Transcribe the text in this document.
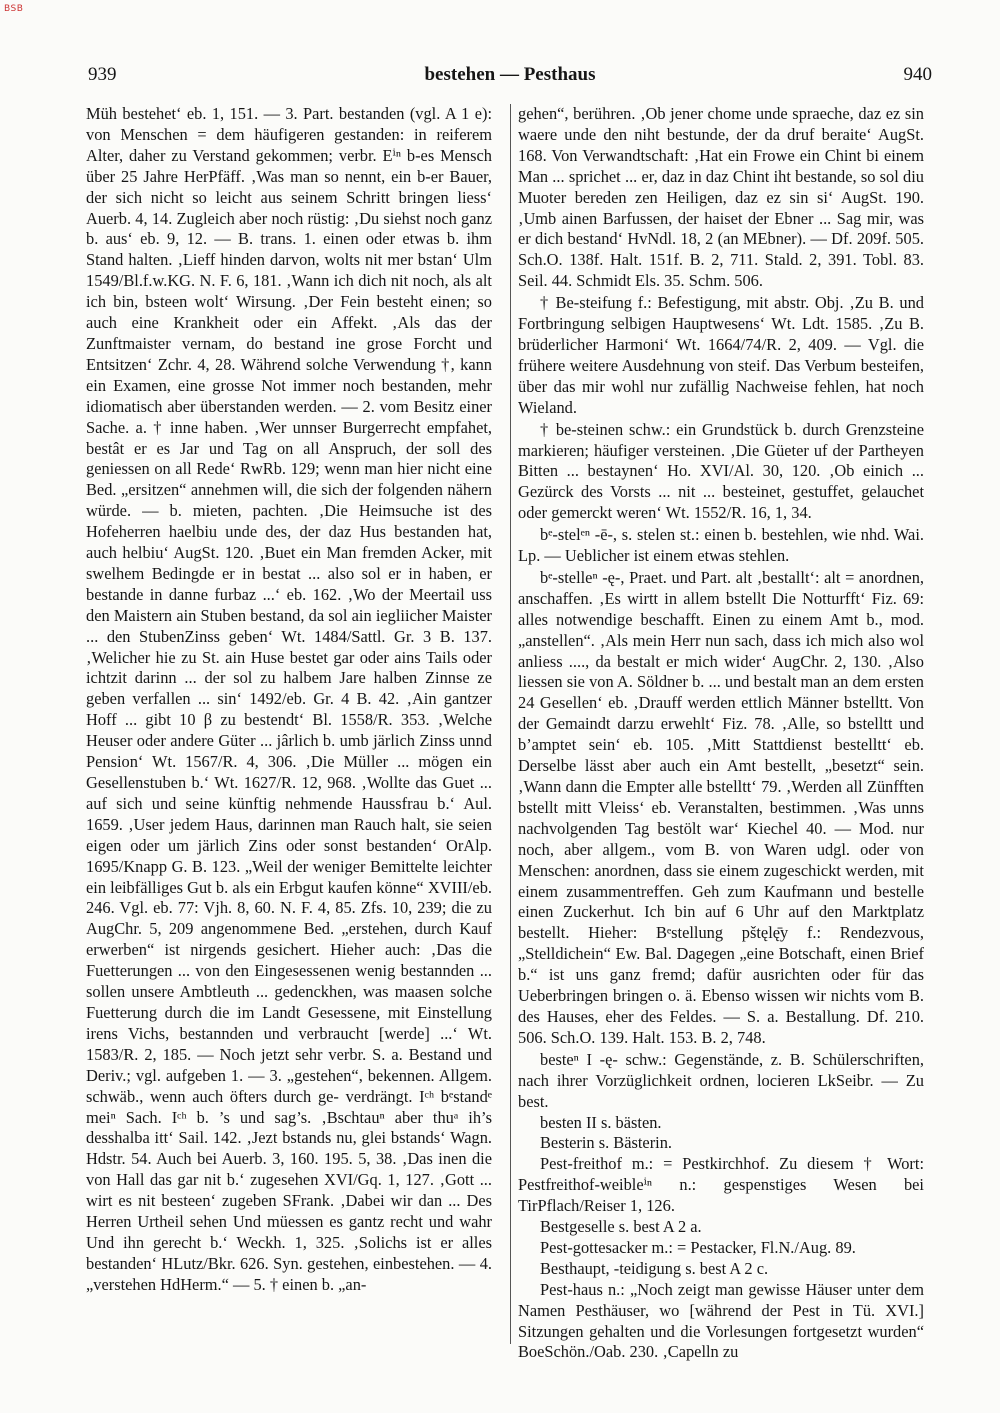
BSB
939	bestehen — Pesthaus	940

Müh bestehet‘ eb. 1, 151. — 3. Part. bestanden (vgl. A 1 e): von Menschen = dem häufigeren gestanden: in reiferem Alter, daher zu Verstand gekommen; verbr. Eⁱⁿ b-es Mensch über 25 Jahre HerPfäff. ‚Was man so nennt, ein b-er Bauer, der sich nicht so leicht aus seinem Schritt bringen liess‘ Auerb. 4, 14. Zugleich aber noch rüstig: ‚Du siehst noch ganz b. aus‘ eb. 9, 12. — B. trans. 1. einen oder etwas b. ihm Stand halten. ‚Lieff hinden darvon, wolts nit mer bstan‘ Ulm 1549/Bl.f.w.KG. N. F. 6, 181. ‚Wann ich dich nit noch, als alt ich bin, bsteen wolt‘ Wirsung. ‚Der Fein besteht einen; so auch eine Krankheit oder ein Affekt. ‚Als das der Zunftmaister vernam, do bestand ine grose Forcht und Entsitzen‘ Zchr. 4, 28. Während solche Verwendung †, kann ein Examen, eine grosse Not immer noch bestanden, mehr idiomatisch aber überstanden werden. — 2. vom Besitz einer Sache. a. † inne haben. ‚Wer unnser Burgerrecht empfahet, bestât er es Jar und Tag on all Anspruch, der soll des geniessen on all Rede‘ RwRb. 129; wenn man hier nicht eine Bed. „ersitzen“ annehmen will, die sich der folgenden nähern würde. — b. mieten, pachten. ‚Die Heimsuche ist des Hofeherren haelbiu unde des, der daz Hus bestanden hat, auch helbiu‘ AugSt. 120. ‚Buet ein Man fremden Acker, mit swelhem Bedingde er in bestat ... also sol er in haben, er bestande in danne furbaz ...‘ eb. 162. ‚Wo der Meertail uss den Maistern ain Stuben bestand, da sol ain iegliicher Maister ... den StubenZinss geben‘ Wt. 1484/Sattl. Gr. 3 B. 137. ‚Welicher hie zu St. ain Huse bestet gar oder ains Tails oder ichtzit darinn ... der sol zu halbem Jare halben Zinnse ze geben verfallen ... sin‘ 1492/eb. Gr. 4 B. 42. ‚Ain gantzer Hoff ... gibt 10 β zu bestendt‘ Bl. 1558/R. 353. ‚Welche Heuser oder andere Güter ... jârlich b. umb järlich Zinss unnd Pension‘ Wt. 1567/R. 4, 306. ‚Die Müller ... mögen ein Gesellenstuben b.‘ Wt. 1627/R. 12, 968. ‚Wollte das Guet ... auf sich und seine künftig nehmende Haussfrau b.‘ Aul. 1659. ‚User jedem Haus, darinnen man Rauch halt, sie seien eigen oder um järlich Zins oder sonst bestanden‘ OrAlp. 1695/Knapp G. B. 123. „Weil der weniger Bemittelte leichter ein leibfälliges Gut b. als ein Erbgut kaufen könne“ XVIII/eb. 246. Vgl. eb. 77: Vjh. 8, 60. N. F. 4, 85. Zfs. 10, 239; die zu AugChr. 5, 209 angenommene Bed. „erstehen, durch Kauf erwerben“ ist nirgends gesichert. Hieher auch: ‚Das die Fuetterungen ... von den Eingesessenen wenig bestannden ... sollen unsere Ambtleuth ... gedenckhen, was maasen solche Fuetterung durch die im Landt Gesessene, mit Einstellung irens Vichs, bestannden und verbraucht [werde] ...‘ Wt. 1583/R. 2, 185. — Noch jetzt sehr verbr. S. a. Bestand und Deriv.; vgl. aufgeben 1. — 3. „gestehen“, bekennen. Allgem. schwäb., wenn auch öfters durch ge- verdrängt. Iᶜʰ bᵉstandᵉ meiⁿ Sach. Iᶜʰ b. ’s und sag’s. ‚Bschtauⁿ aber thuᵃ ih’s desshalba itt‘ Sail. 142. ‚Jezt bstands nu, glei bstands‘ Wagn. Hdstr. 54. Auch bei Auerb. 3, 160. 195. 5, 38. ‚Das inen die von Hall das gar nit b.‘ zugesehen XVI/Gq. 1, 127. ‚Gott ... wirt es nit besteen‘ zugeben SFrank. ‚Dabei wir dan ... Des Herren Urtheil sehen Und müessen es gantz recht und wahr Und ihn gerecht b.‘ Weckh. 1, 325. ‚Solichs ist er alles bestanden‘ HLutz/Bkr. 626. Syn. gestehen, einbestehen. — 4. „verstehen HdHerm.“ — 5. † einen b. „an-

gehen“, berühren. ‚Ob jener chome unde spraeche, daz ez sin waere unde den niht bestunde, der da druf beraite‘ AugSt. 168. Von Verwandtschaft: ‚Hat ein Frowe ein Chint bi einem Man ... sprichet ... er, daz in daz Chint iht bestande, so sol diu Muoter bereden zen Heiligen, daz ez sin si‘ AugSt. 190. ‚Umb ainen Barfussen, der haiset der Ebner ... Sag mir, was er dich bestand‘ HvNdl. 18, 2 (an MEbner). — Df. 209f. 505. Sch.O. 138f. Halt. 151f. B. 2, 711. Stald. 2, 391. Tobl. 83. Seil. 44. Schmidt Els. 35. Schm. 506.

† Be-steifung f.: Befestigung, mit abstr. Obj. ‚Zu B. und Fortbringung selbigen Hauptwesens‘ Wt. Ldt. 1585. ‚Zu B. brüderlicher Harmoni‘ Wt. 1664/74/R. 2, 409. — Vgl. die frühere weitere Ausdehnung von steif. Das Verbum besteifen, über das mir wohl nur zufällig Nachweise fehlen, hat noch Wieland.

† be-steinen schw.: ein Grundstück b. durch Grenzsteine markieren; häufiger versteinen. ‚Die Güeter uf der Partheyen Bitten ... bestaynen‘ Ho. XVI/Al. 30, 120. ‚Ob einich ... Gezürck des Vorsts ... nit ... besteinet, gestuffet, gelauchet oder gemerckt weren‘ Wt. 1552/R. 16, 1, 34.

bᵉ-stelᵉⁿ -ē-, s. stelen st.: einen b. bestehlen, wie nhd. Wai. Lp. — Ueblicher ist einem etwas stehlen.

bᵉ-stelleⁿ -ę-, Praet. und Part. alt ‚bestallt‘: alt = anordnen, anschaffen. ‚Es wirtt in allem bstellt Die Notturfft‘ Fiz. 69: alles notwendige beschafft. Einen zu einem Amt b., mod. „anstellen“. ‚Als mein Herr nun sach, dass ich mich also wol anliess ...., da bestalt er mich wider‘ AugChr. 2, 130. ‚Also liessen sie von A. Söldner b. ... und bestalt man an dem ersten 24 Gesellen‘ eb. ‚Drauff werden ettlich Männer bstelltt. Von der Gemaindt darzu erwehlt‘ Fiz. 78. ‚Alle, so bstelltt und b’amptet sein‘ eb. 105. ‚Mitt Stattdienst bestelltt‘ eb. Derselbe lässt aber auch ein Amt bestellt, „besetzt“ sein. ‚Wann dann die Empter alle bstelltt‘ 79. ‚Werden all Zünfften bstellt mitt Vleiss‘ eb. Veranstalten, bestimmen. ‚Was unns nachvolgenden Tag bestölt war‘ Kiechel 40. — Mod. nur noch, aber allgem., vom B. von Waren udgl. oder von Menschen: anordnen, dass sie einem zugeschickt werden, mit einem zusammentreffen. Geh zum Kaufmann und bestelle einen Zuckerhut. Ich bin auf 6 Uhr auf den Marktplatz bestellt. Hieher: Bᵉstellung pštęlę̄y f.: Rendezvous, „Stelldichein“ Ew. Bal. Dagegen „eine Botschaft, einen Brief b.“ ist uns ganz fremd; dafür ausrichten oder für das Ueberbringen bringen o. ä. Ebenso wissen wir nichts vom B. des Hauses, eher des Feldes. — S. a. Bestallung. Df. 210. 506. Sch.O. 139. Halt. 153. B. 2, 748.

besteⁿ I -ę- schw.: Gegenstände, z. B. Schülerschriften, nach ihrer Vorzüglichkeit ordnen, locieren LkSeibr. — Zu best.

besten II s. bästen.

Besterin s. Bästerin.

Pest-freithof m.: = Pestkirchhof. Zu diesem † Wort: Pestfreithof-weibleⁱⁿ n.: gespenstiges Wesen bei TirPflach/Reiser 1, 126.

Bestgeselle s. best A 2 a.

Pest-gottesacker m.: = Pestacker, Fl.N./Aug. 89.

Besthaupt, -teidigung s. best A 2 c.

Pest-haus n.: „Noch zeigt man gewisse Häuser unter dem Namen Pesthäuser, wo [während der Pest in Tü. XVI.] Sitzungen gehalten und die Vorlesungen fortgesetzt wurden“ BoeSchön./Oab. 230. ‚Capelln zu
